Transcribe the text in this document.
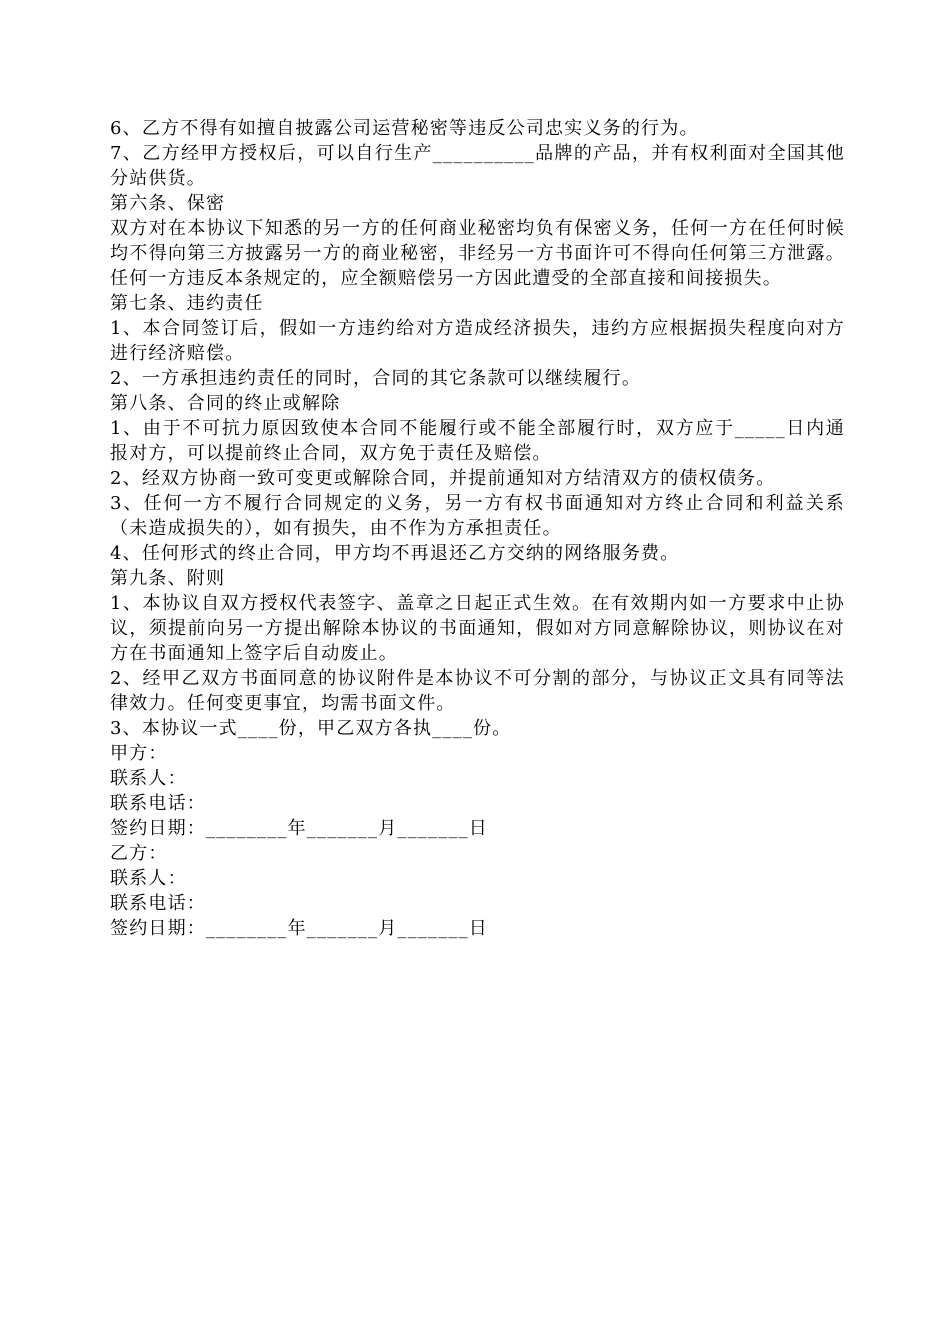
6、乙方不得有如擅自披露公司运营秘密等违反公司忠实义务的行为。

7、乙方经甲方授权后，可以自行生产__________品牌的产品，并有权利面对全国其他分站供货。

第六条、保密

双方对在本协议下知悉的另一方的任何商业秘密均负有保密义务，任何一方在任何时候均不得向第三方披露另一方的商业秘密，非经另一方书面许可不得向任何第三方泄露。任何一方违反本条规定的，应全额赔偿另一方因此遭受的全部直接和间接损失。

第七条、违约责任

1、本合同签订后，假如一方违约给对方造成经济损失，违约方应根据损失程度向对方进行经济赔偿。

2、一方承担违约责任的同时，合同的其它条款可以继续履行。

第八条、合同的终止或解除

1、由于不可抗力原因致使本合同不能履行或不能全部履行时，双方应于_____日内通报对方，可以提前终止合同，双方免于责任及赔偿。

2、经双方协商一致可变更或解除合同，并提前通知对方结清双方的债权债务。

3、任何一方不履行合同规定的义务，另一方有权书面通知对方终止合同和利益关系（未造成损失的），如有损失，由不作为方承担责任。

4、任何形式的终止合同，甲方均不再退还乙方交纳的网络服务费。

第九条、附则

1、本协议自双方授权代表签字、盖章之日起正式生效。在有效期内如一方要求中止协议，须提前向另一方提出解除本协议的书面通知，假如对方同意解除协议，则协议在对方在书面通知上签字后自动废止。

2、经甲乙双方书面同意的协议附件是本协议不可分割的部分，与协议正文具有同等法律效力。任何变更事宜，均需书面文件。

3、本协议一式____份，甲乙双方各执____份。

甲方：
联系人：
联系电话：
签约日期：________年_______月_______日
乙方：
联系人：
联系电话：
签约日期：________年_______月_______日
